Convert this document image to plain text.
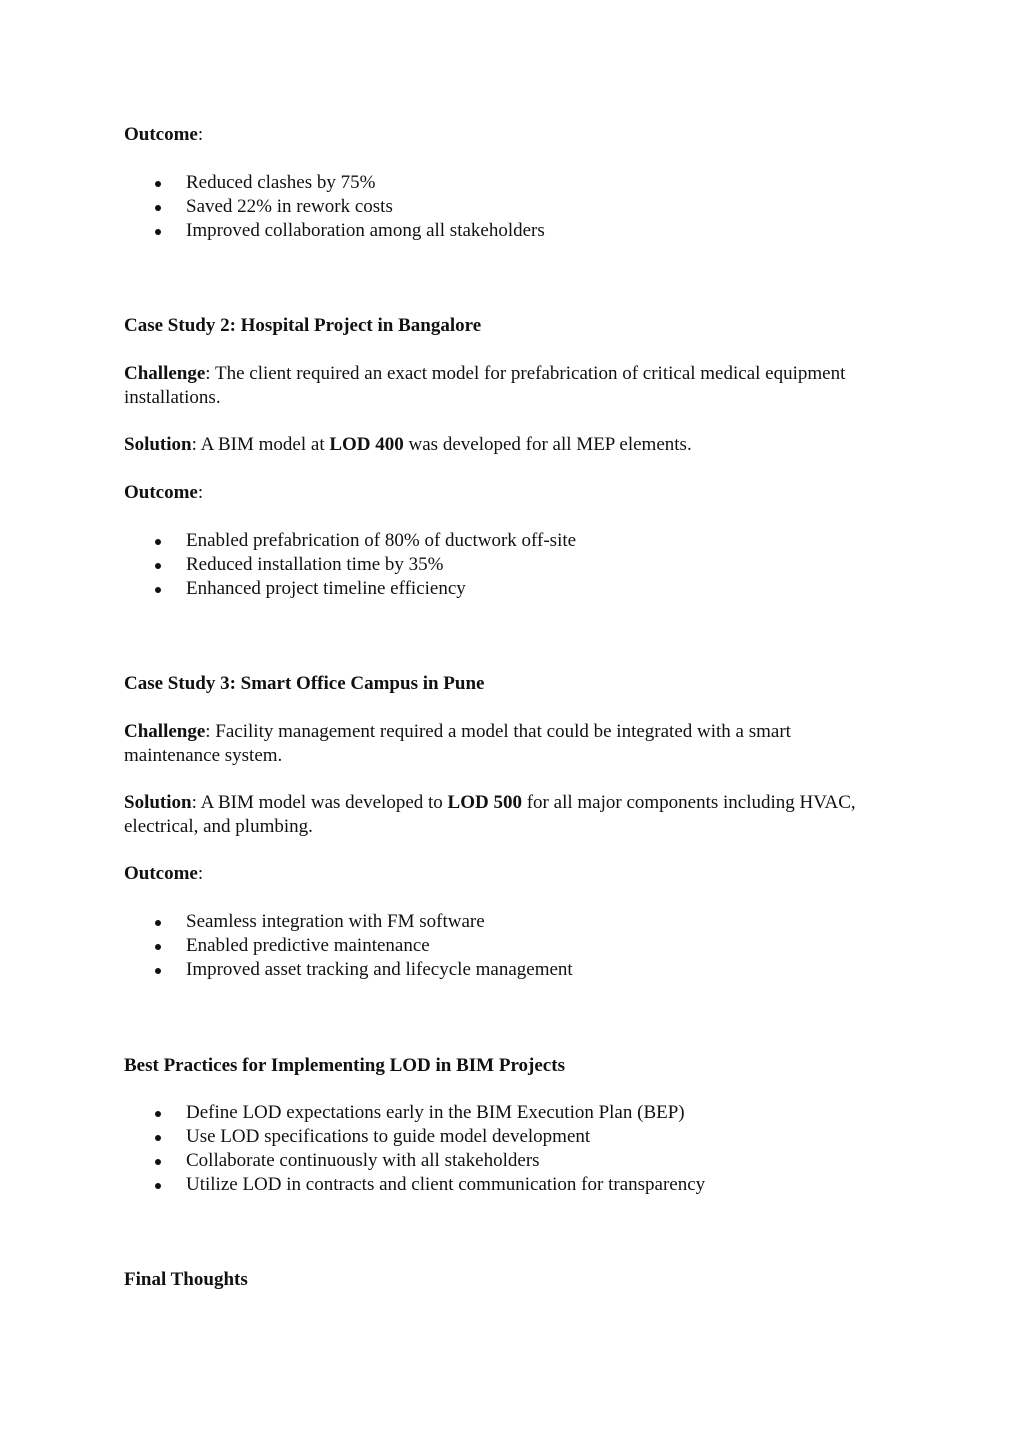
Outcome:

Reduced clashes by 75%
Saved 22% in rework costs
Improved collaboration among all stakeholders

Case Study 2: Hospital Project in Bangalore

Challenge: The client required an exact model for prefabrication of critical medical equipment installations.

Solution: A BIM model at LOD 400 was developed for all MEP elements.

Outcome:

Enabled prefabrication of 80% of ductwork off-site
Reduced installation time by 35%
Enhanced project timeline efficiency

Case Study 3: Smart Office Campus in Pune

Challenge: Facility management required a model that could be integrated with a smart maintenance system.

Solution: A BIM model was developed to LOD 500 for all major components including HVAC, electrical, and plumbing.

Outcome:

Seamless integration with FM software
Enabled predictive maintenance
Improved asset tracking and lifecycle management

Best Practices for Implementing LOD in BIM Projects

Define LOD expectations early in the BIM Execution Plan (BEP)
Use LOD specifications to guide model development
Collaborate continuously with all stakeholders
Utilize LOD in contracts and client communication for transparency

Final Thoughts
